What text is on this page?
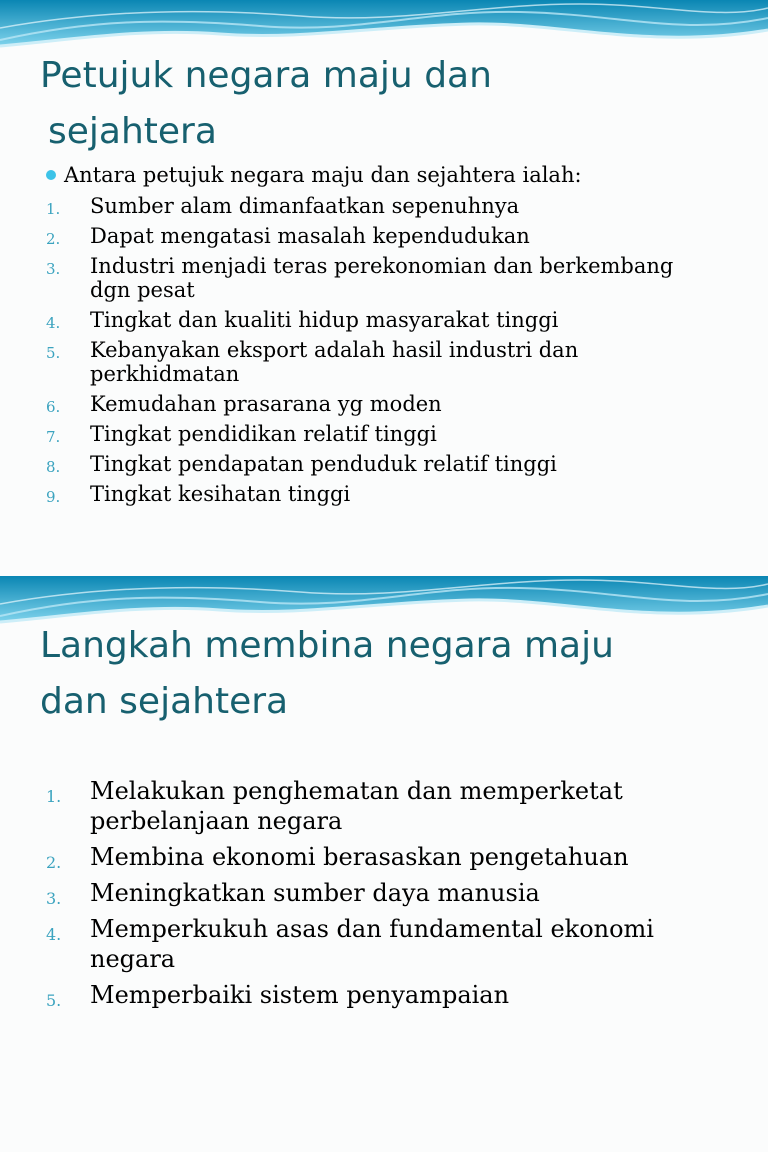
Petujuk negara maju dan
sejahtera
Antara petujuk negara maju dan sejahtera ialah:
1. Sumber alam dimanfaatkan sepenuhnya
2. Dapat mengatasi masalah kependudukan
3. Industri menjadi teras perekonomian dan berkembang dgn pesat
4. Tingkat dan kualiti hidup masyarakat tinggi
5. Kebanyakan eksport adalah hasil industri dan perkhidmatan
6. Kemudahan prasarana yg moden
7. Tingkat pendidikan relatif tinggi
8. Tingkat pendapatan penduduk relatif tinggi
9. Tingkat kesihatan tinggi
Langkah membina negara maju
dan sejahtera
1. Melakukan penghematan dan memperketat perbelanjaan negara
2. Membina ekonomi berasaskan pengetahuan
3. Meningkatkan sumber daya manusia
4. Memperkukuh asas dan fundamental ekonomi negara
5. Memperbaiki sistem penyampaian
